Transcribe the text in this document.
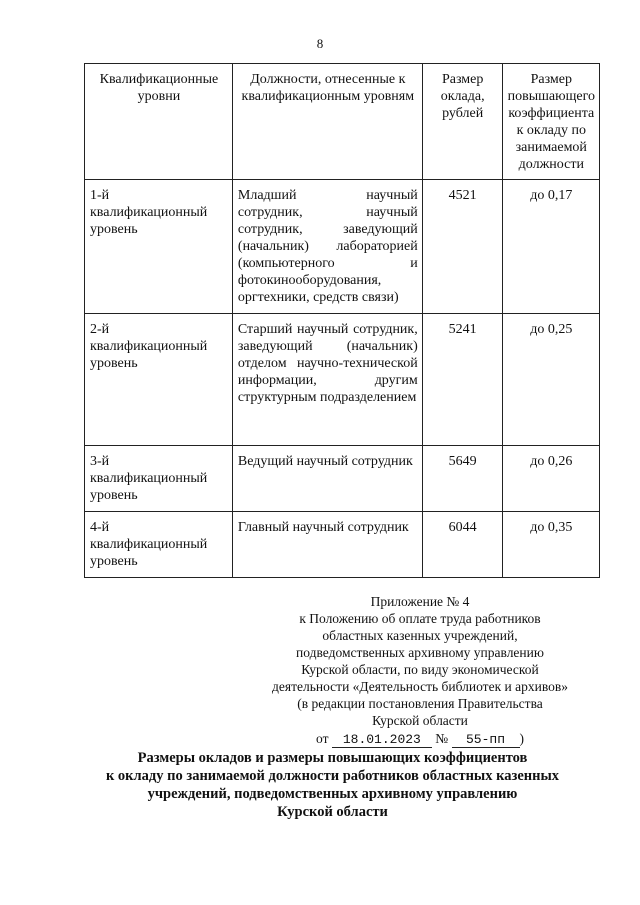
8
Квалификационные уровни	Должности, отнесенные к квалификационным уровням	Размер оклада, рублей	Размер повышающего коэффициента к окладу по занимаемой должности
1-й квалификационный уровень	Младший научный сотрудник, научный сотрудник, заведующий (начальник) лабораторией (компьютерного и фотокинооборудования, оргтехники, средств связи)	4521	до 0,17
2-й квалификационный уровень	Старший научный сотрудник, заведующий (начальник) отделом научно-технической информации, другим структурным подразделением	5241	до 0,25
3-й квалификационный уровень	Ведущий научный сотрудник	5649	до 0,26
4-й квалификационный уровень	Главный научный сотрудник	6044	до 0,35
Приложение № 4
к Положению об оплате труда работников
областных казенных учреждений,
подведомственных архивному управлению
Курской области, по виду экономической
деятельности «Деятельность библиотек и архивов»
(в редакции постановления Правительства
Курской области
от 18.01.2023 № 55-пп )
Размеры окладов и размеры повышающих коэффициентов
к окладу по занимаемой должности работников областных казенных
учреждений, подведомственных архивному управлению
Курской области
